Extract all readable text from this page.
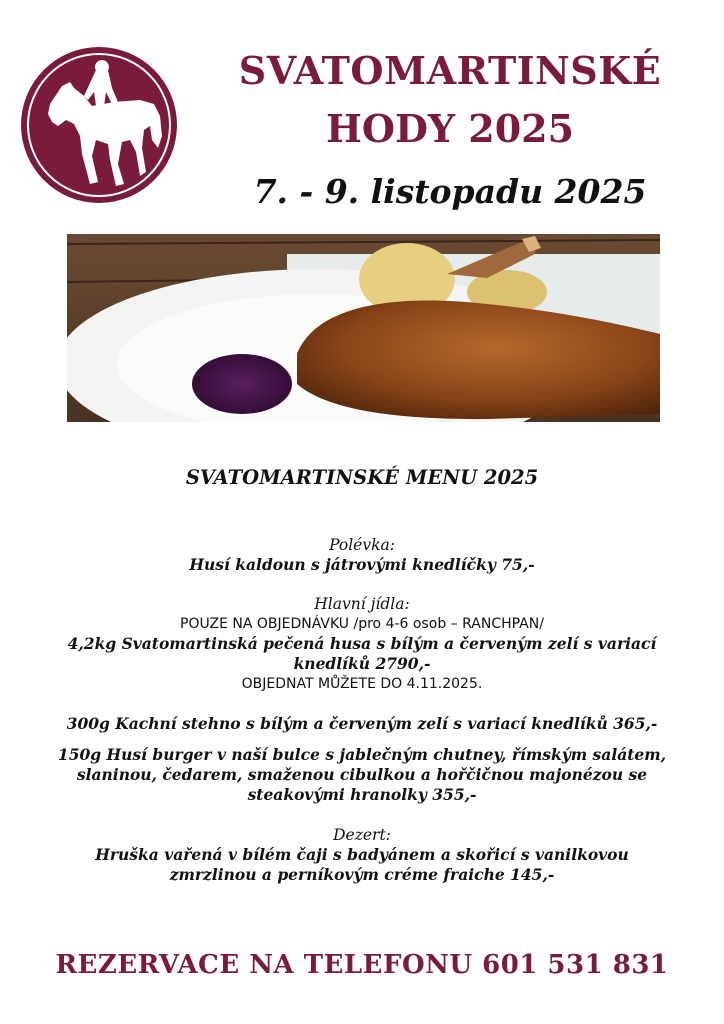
SVATOMARTINSKÉ
HODY 2025
7. - 9. listopadu 2025
SVATOMARTINSKÉ MENU 2025
Polévka:
Husí kaldoun s játrovými knedlíčky 75,-
Hlavní jídla:
POUZE NA OBJEDNÁVKU /pro 4-6 osob – RANCHPAN/
4,2kg Svatomartinská pečená husa s bílým a červeným zelí s variací
knedlíků 2790,-
OBJEDNAT MŮŽETE DO 4.11.2025.
300g Kachní stehno s bílým a červeným zelí s variací knedlíků 365,-
150g Husí burger v naší bulce s jablečným chutney, římským salátem,
slaninou, čedarem, smaženou cibulkou a hořčičnou majonézou se
steakovými hranolky 355,-
Dezert:
Hruška vařená v bílém čaji s badyánem a skořicí s vanilkovou
zmrzlinou a perníkovým créme fraiche 145,-
REZERVACE NA TELEFONU 601 531 831
